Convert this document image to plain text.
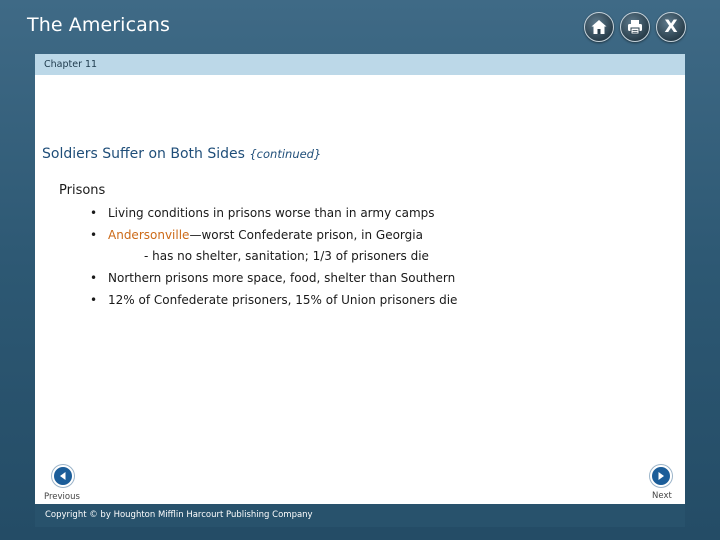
The Americans	X
Chapter 11
Soldiers Suffer on Both Sides {continued}
Prisons
• Living conditions in prisons worse than in army camps
• Andersonville—worst Confederate prison, in Georgia
- has no shelter, sanitation; 1/3 of prisoners die
• Northern prisons more space, food, shelter than Southern
• 12% of Confederate prisoners, 15% of Union prisoners die
Previous	Next
Copyright © by Houghton Mifflin Harcourt Publishing Company
